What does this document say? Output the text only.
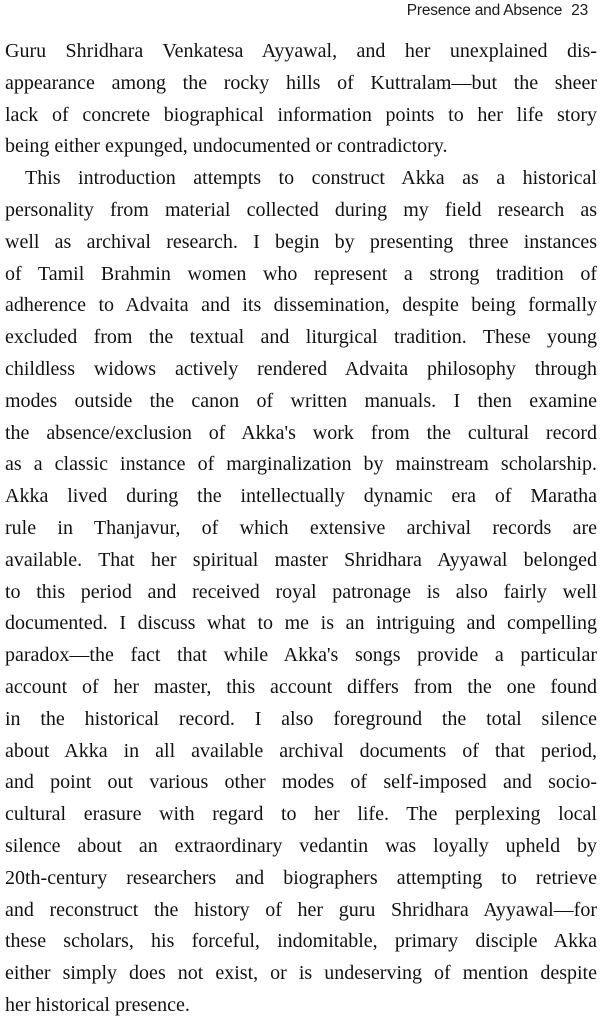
Presence and Absence 23
Guru Shridhara Venkatesa Ayyawal, and her unexplained dis-
appearance among the rocky hills of Kuttralam—but the sheer
lack of concrete biographical information points to her life story
being either expunged, undocumented or contradictory.
This introduction attempts to construct Akka as a historical
personality from material collected during my field research as
well as archival research. I begin by presenting three instances
of Tamil Brahmin women who represent a strong tradition of
adherence to Advaita and its dissemination, despite being formally
excluded from the textual and liturgical tradition. These young
childless widows actively rendered Advaita philosophy through
modes outside the canon of written manuals. I then examine
the absence/exclusion of Akka's work from the cultural record
as a classic instance of marginalization by mainstream scholarship.
Akka lived during the intellectually dynamic era of Maratha
rule in Thanjavur, of which extensive archival records are
available. That her spiritual master Shridhara Ayyawal belonged
to this period and received royal patronage is also fairly well
documented. I discuss what to me is an intriguing and compelling
paradox—the fact that while Akka's songs provide a particular
account of her master, this account differs from the one found
in the historical record. I also foreground the total silence
about Akka in all available archival documents of that period,
and point out various other modes of self-imposed and socio-
cultural erasure with regard to her life. The perplexing local
silence about an extraordinary vedantin was loyally upheld by
20th-century researchers and biographers attempting to retrieve
and reconstruct the history of her guru Shridhara Ayyawal—for
these scholars, his forceful, indomitable, primary disciple Akka
either simply does not exist, or is undeserving of mention despite
her historical presence.
